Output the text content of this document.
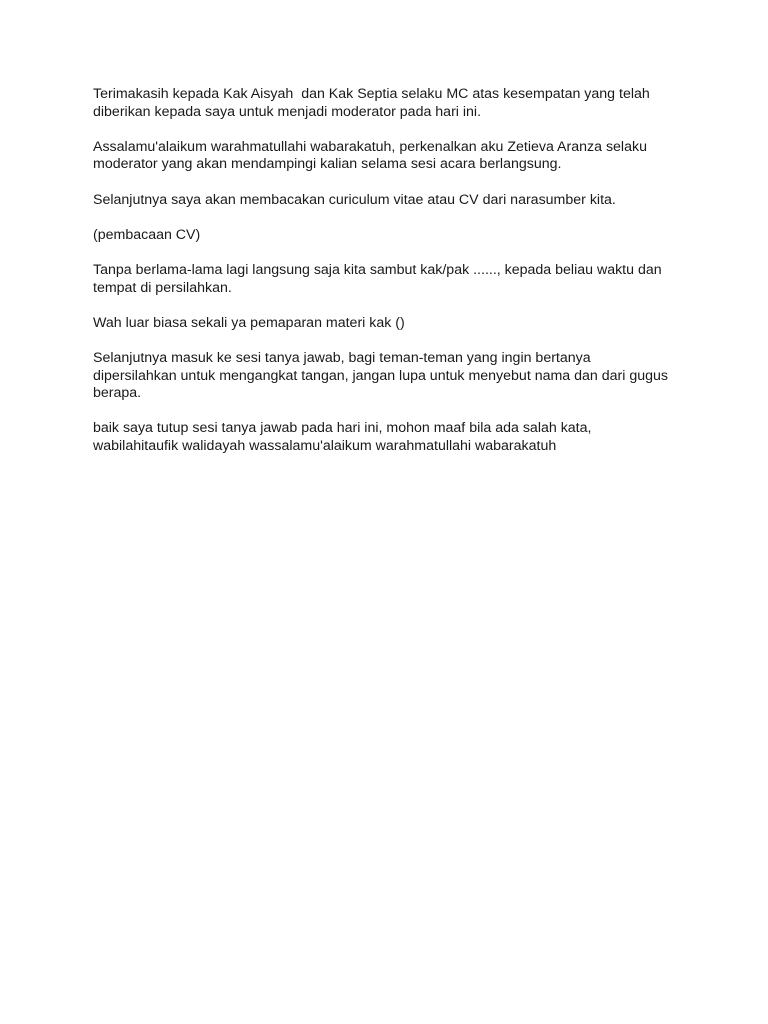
Terimakasih kepada Kak Aisyah  dan Kak Septia selaku MC atas kesempatan yang telah
diberikan kepada saya untuk menjadi moderator pada hari ini.

Assalamu'alaikum warahmatullahi wabarakatuh, perkenalkan aku Zetieva Aranza selaku
moderator yang akan mendampingi kalian selama sesi acara berlangsung.

Selanjutnya saya akan membacakan curiculum vitae atau CV dari narasumber kita.

(pembacaan CV)

Tanpa berlama-lama lagi langsung saja kita sambut kak/pak ......, kepada beliau waktu dan
tempat di persilahkan.

Wah luar biasa sekali ya pemaparan materi kak ()

Selanjutnya masuk ke sesi tanya jawab, bagi teman-teman yang ingin bertanya
dipersilahkan untuk mengangkat tangan, jangan lupa untuk menyebut nama dan dari gugus
berapa.

baik saya tutup sesi tanya jawab pada hari ini, mohon maaf bila ada salah kata,
wabilahitaufik walidayah wassalamu'alaikum warahmatullahi wabarakatuh
